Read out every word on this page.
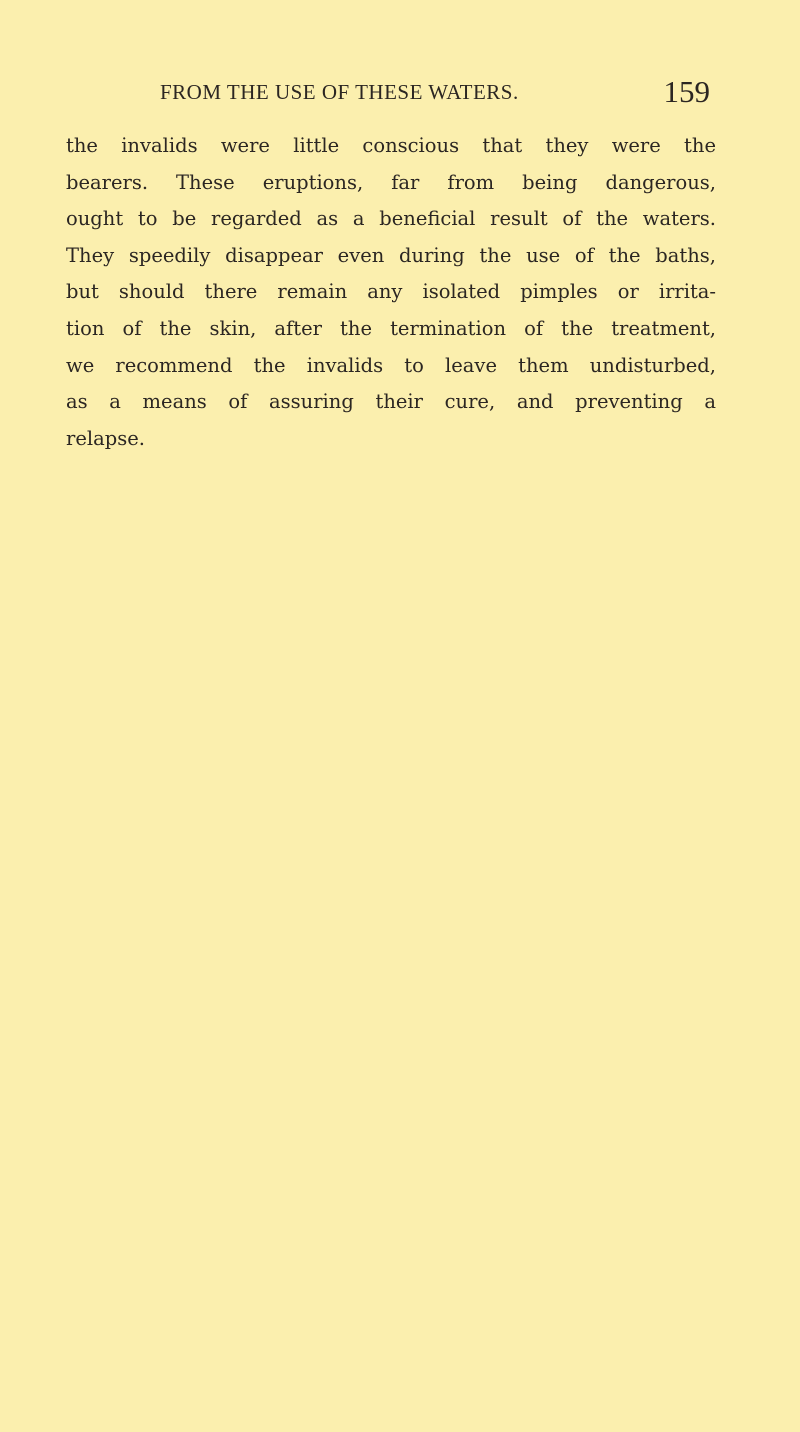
FROM THE USE OF THESE WATERS.	159
the invalids were little conscious that they were the
bearers. These eruptions, far from being dangerous,
ought to be regarded as a beneficial result of the waters.
They speedily disappear even during the use of the baths,
but should there remain any isolated pimples or irrita-
tion of the skin, after the termination of the treatment,
we recommend the invalids to leave them undisturbed,
as a means of assuring their cure, and preventing a
relapse.
